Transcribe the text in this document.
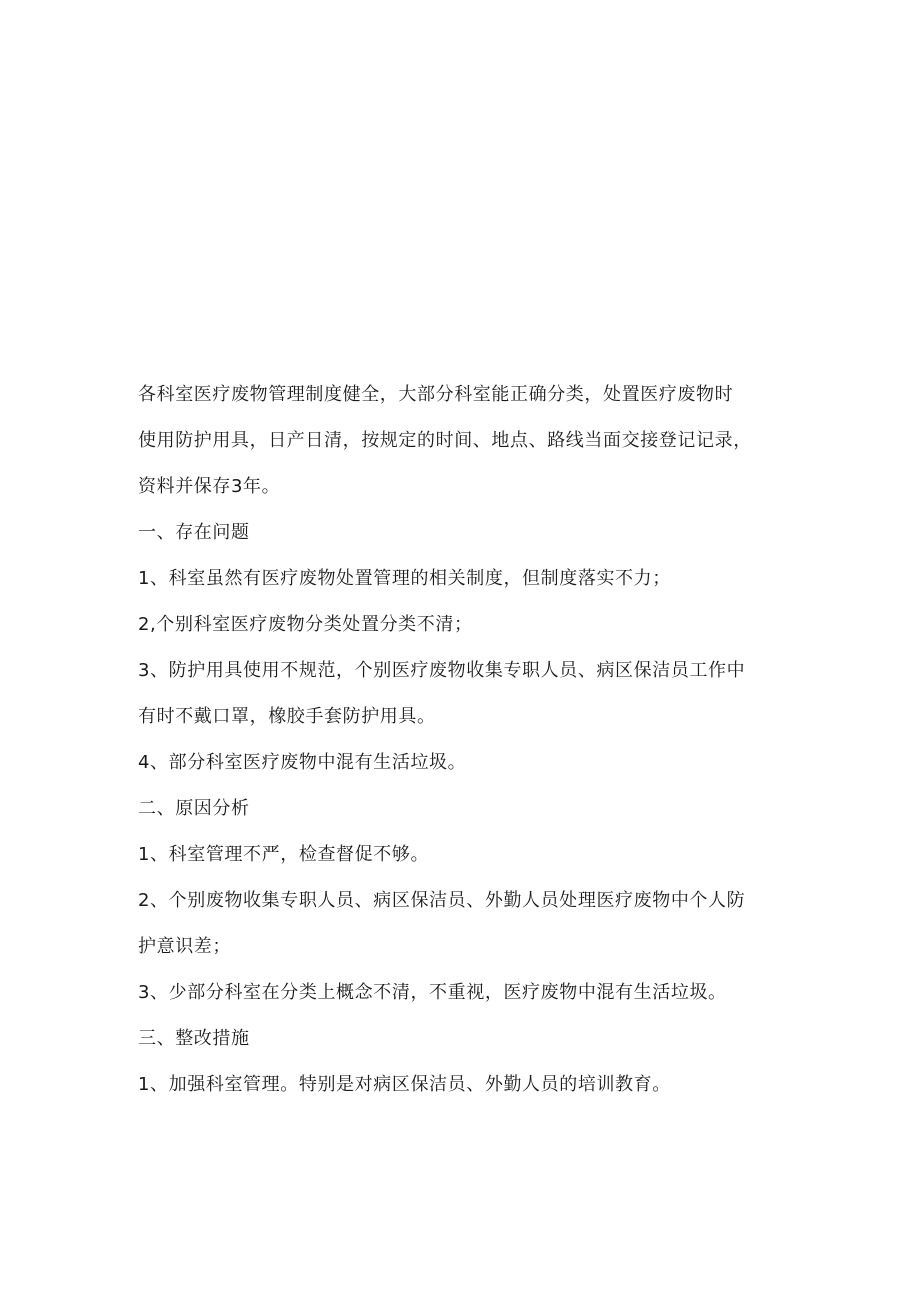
各科室医疗废物管理制度健全，大部分科室能正确分类，处置医疗废物时
使用防护用具，日产日清，按规定的时间、地点、路线当面交接登记记录，
资料并保存3年。
一、存在问题
1、科室虽然有医疗废物处置管理的相关制度，但制度落实不力；
2,个别科室医疗废物分类处置分类不清；
3、防护用具使用不规范，个别医疗废物收集专职人员、病区保洁员工作中
有时不戴口罩，橡胶手套防护用具。
4、部分科室医疗废物中混有生活垃圾。
二、原因分析
1、科室管理不严，检查督促不够。
2、个别废物收集专职人员、病区保洁员、外勤人员处理医疗废物中个人防
护意识差；
3、少部分科室在分类上概念不清，不重视，医疗废物中混有生活垃圾。
三、整改措施
1、加强科室管理。特别是对病区保洁员、外勤人员的培训教育。
